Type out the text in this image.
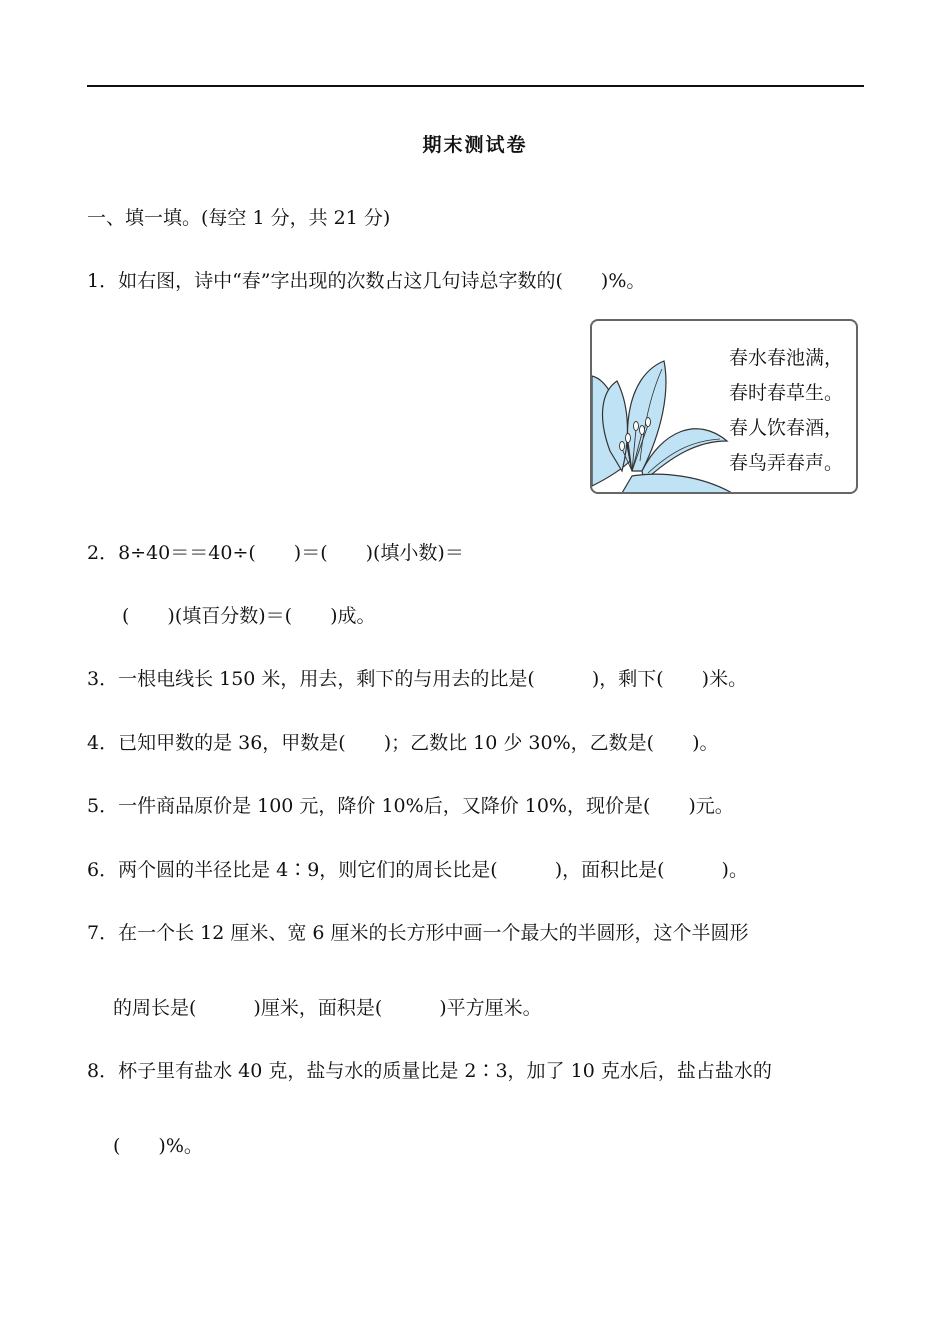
期末测试卷
一、填一填。(每空 1 分，共 21 分)
1．如右图，诗中“春”字出现的次数占这几句诗总字数的(　　)%。
春水春池满，
春时春草生。
春人饮春酒，
春鸟弄春声。
2．8÷40＝＝40÷(　　)＝(　　)(填小数)＝
(　　)(填百分数)＝(　　)成。
3．一根电线长 150 米，用去，剩下的与用去的比是(　　　)，剩下(　　)米。
4．已知甲数的是 36，甲数是(　　)；乙数比 10 少 30%，乙数是(　　)。
5．一件商品原价是 100 元，降价 10%后，又降价 10%，现价是(　　)元。
6．两个圆的半径比是 4∶9，则它们的周长比是(　　　)，面积比是(　　　)。
7．在一个长 12 厘米、宽 6 厘米的长方形中画一个最大的半圆形，这个半圆形
的周长是(　　　)厘米，面积是(　　　)平方厘米。
8．杯子里有盐水 40 克，盐与水的质量比是 2∶3，加了 10 克水后，盐占盐水的
(　　)%。
